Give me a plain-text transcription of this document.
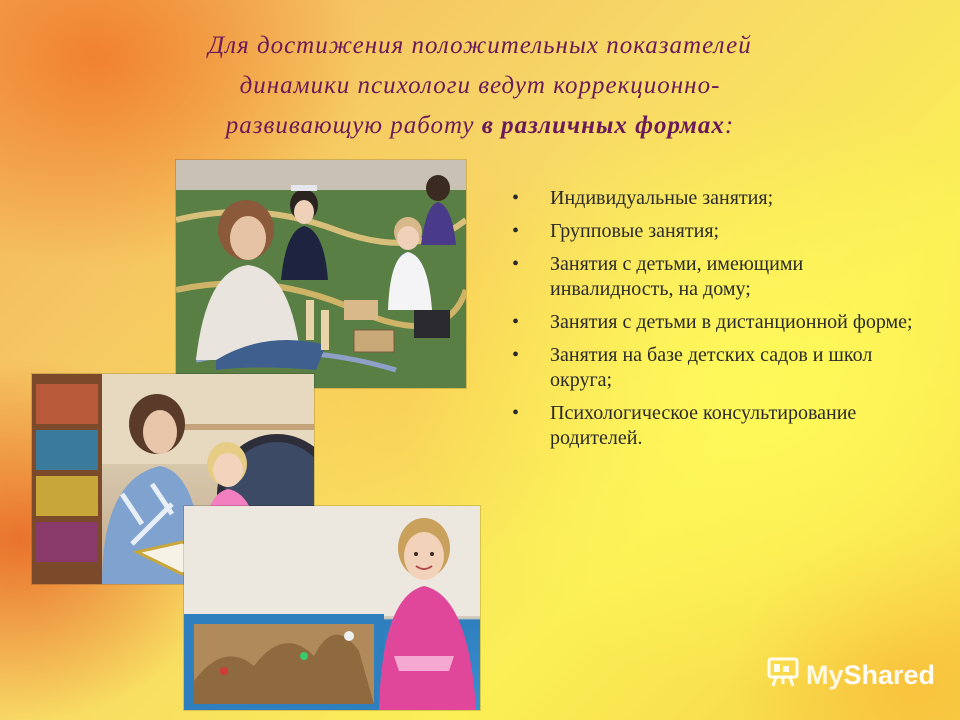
Для достижения положительных показателей
динамики психологи ведут коррекционно-
развивающую работу в различных формах:
• Индивидуальные занятия;
• Групповые занятия;
• Занятия с детьми, имеющими инвалидность, на дому;
• Занятия с детьми в дистанционной форме;
• Занятия на базе детских садов и школ округа;
• Психологическое консультирование родителей.
MyShared
